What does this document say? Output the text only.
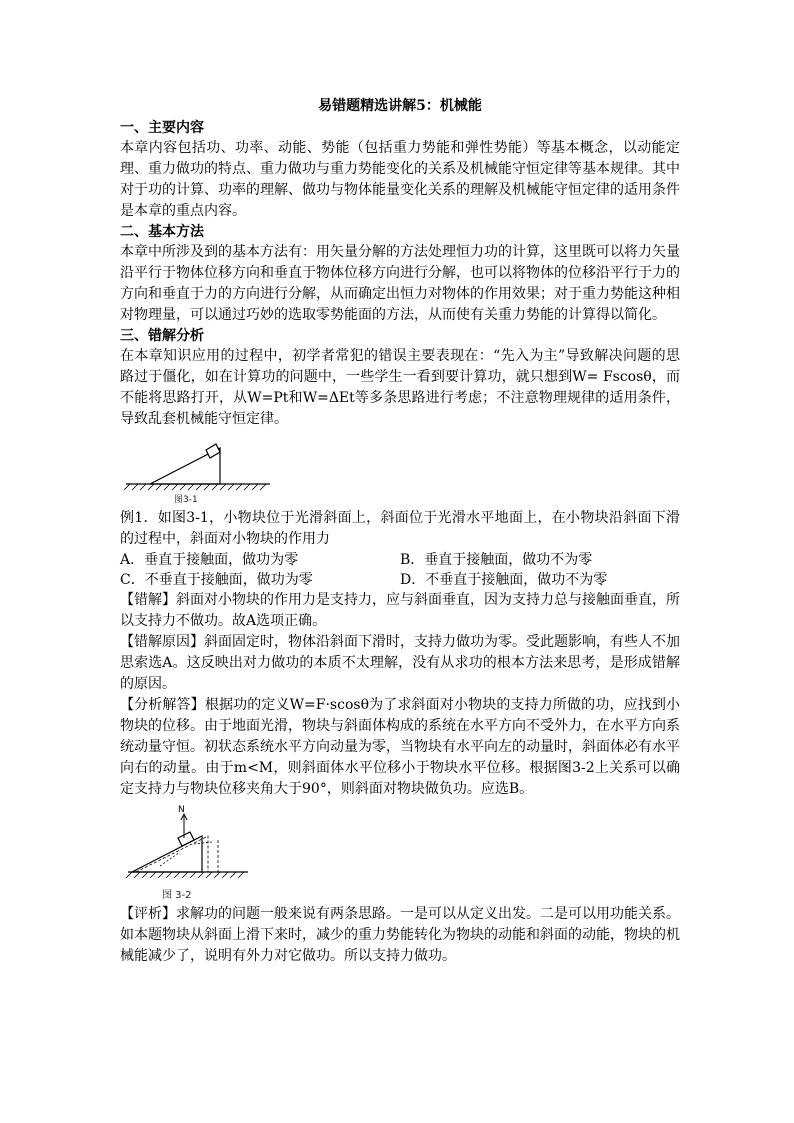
易错题精选讲解5：机械能

一、主要内容

本章内容包括功、功率、动能、势能（包括重力势能和弹性势能）等基本概念，以动能定理、重力做功的特点、重力做功与重力势能变化的关系及机械能守恒定律等基本规律。其中对于功的计算、功率的理解、做功与物体能量变化关系的理解及机械能守恒定律的适用条件是本章的重点内容。

二、基本方法

本章中所涉及到的基本方法有：用矢量分解的方法处理恒力功的计算，这里既可以将力矢量沿平行于物体位移方向和垂直于物体位移方向进行分解，也可以将物体的位移沿平行于力的方向和垂直于力的方向进行分解，从而确定出恒力对物体的作用效果；对于重力势能这种相对物理量，可以通过巧妙的选取零势能面的方法，从而使有关重力势能的计算得以简化。

三、错解分析

在本章知识应用的过程中，初学者常犯的错误主要表现在：“先入为主”导致解决问题的思路过于僵化，如在计算功的问题中，一些学生一看到要计算功，就只想到W= Fscosθ，而不能将思路打开，从W=Pt和W=ΔEt等多条思路进行考虑；不注意物理规律的适用条件，导致乱套机械能守恒定律。

图3-1

例1．如图3-1，小物块位于光滑斜面上，斜面位于光滑水平地面上，在小物块沿斜面下滑的过程中，斜面对小物块的作用力

A．垂直于接触面，做功为零	B．垂直于接触面，做功不为零
C．不垂直于接触面，做功为零	D．不垂直于接触面，做功不为零

【错解】斜面对小物块的作用力是支持力，应与斜面垂直，因为支持力总与接触面垂直，所以支持力不做功。故A选项正确。

【错解原因】斜面固定时，物体沿斜面下滑时，支持力做功为零。受此题影响，有些人不加思索选A。这反映出对力做功的本质不太理解，没有从求功的根本方法来思考，是形成错解的原因。

【分析解答】根据功的定义W=F·scosθ为了求斜面对小物块的支持力所做的功，应找到小物块的位移。由于地面光滑，物块与斜面体构成的系统在水平方向不受外力，在水平方向系统动量守恒。初状态系统水平方向动量为零，当物块有水平向左的动量时，斜面体必有水平向右的动量。由于m<M，则斜面体水平位移小于物块水平位移。根据图3-2上关系可以确定支持力与物块位移夹角大于90°，则斜面对物块做负功。应选B。

N
图 3-2

【评析】求解功的问题一般来说有两条思路。一是可以从定义出发。二是可以用功能关系。如本题物块从斜面上滑下来时，减少的重力势能转化为物块的动能和斜面的动能，物块的机械能减少了，说明有外力对它做功。所以支持力做功。
